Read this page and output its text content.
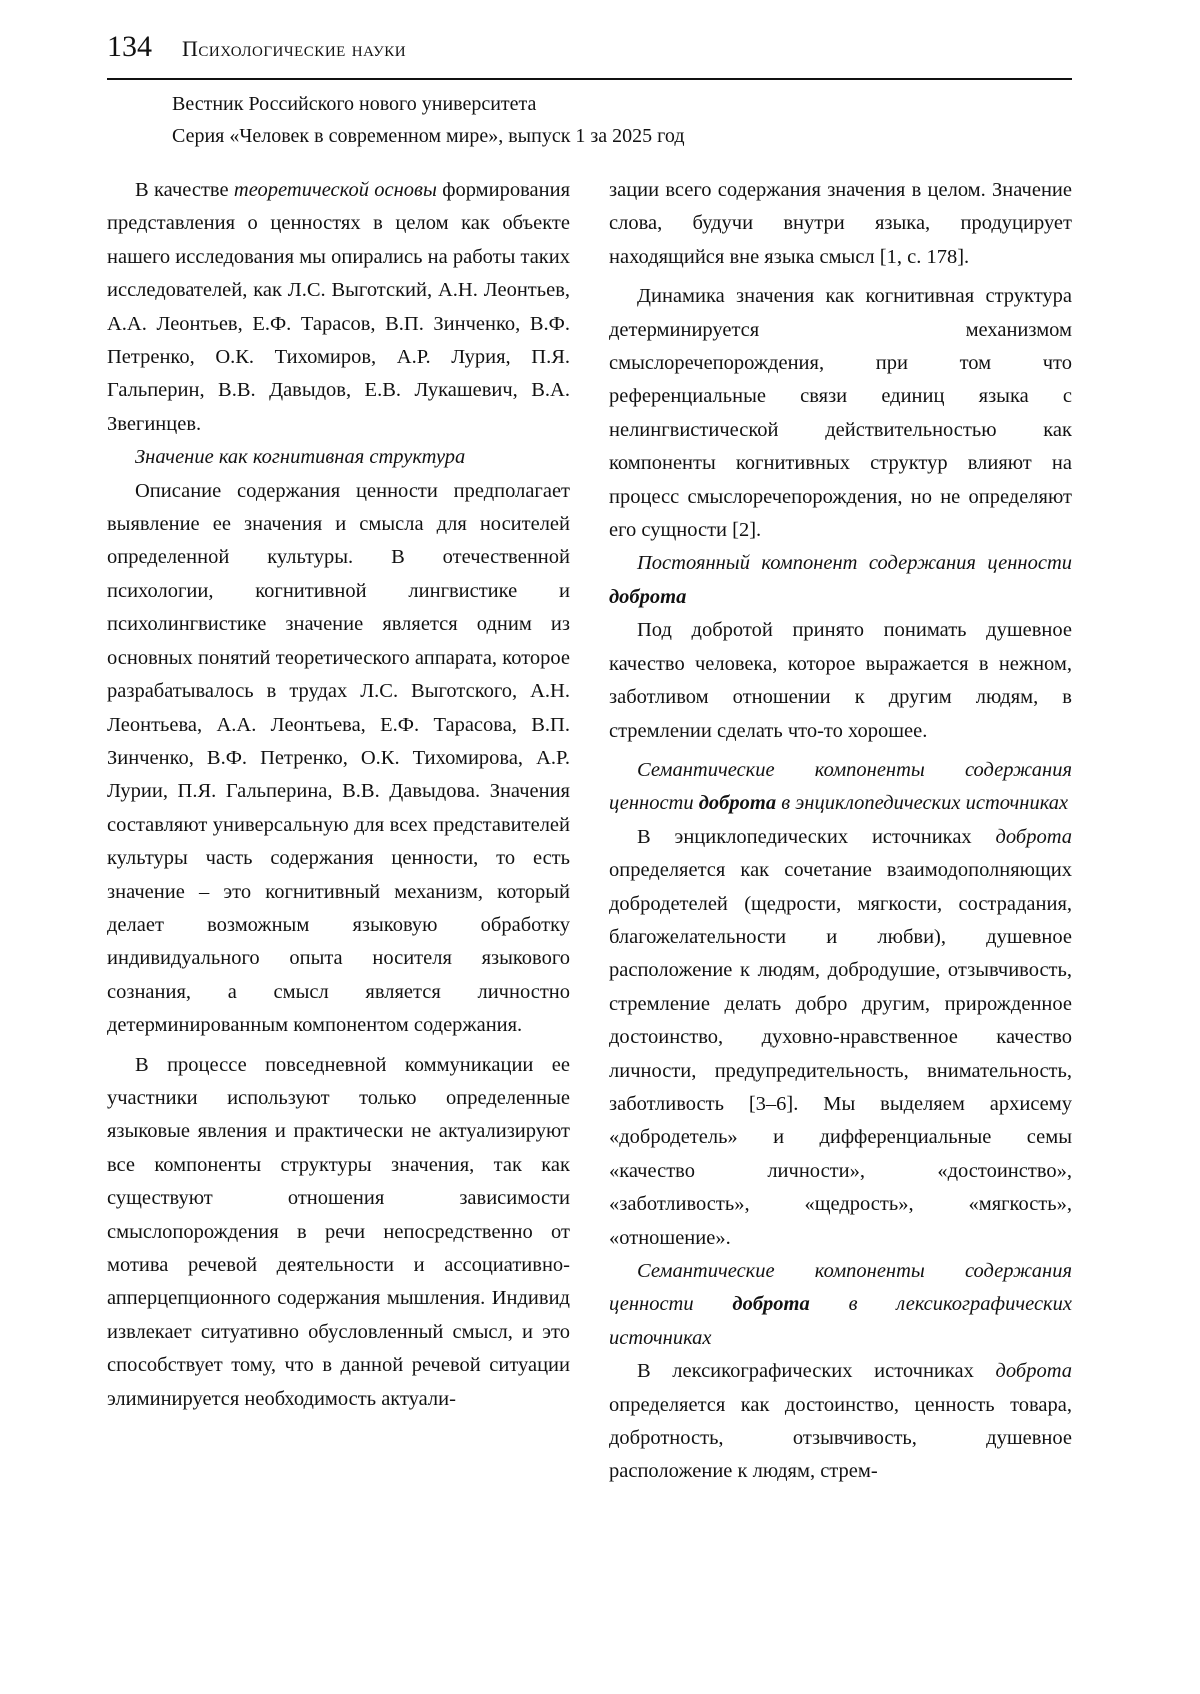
134 Психологические науки
Вестник Российского нового университета
Серия «Человек в современном мире», выпуск 1 за 2025 год

В качестве теоретической основы формирования представления о ценностях в целом как объекте нашего исследования мы опирались на работы таких исследователей, как Л.С. Выготский, А.Н. Леонтьев, А.А. Леонтьев, Е.Ф. Тарасов, В.П. Зинченко, В.Ф. Петренко, О.К. Тихомиров, А.Р. Лурия, П.Я. Гальперин, В.В. Давыдов, Е.В. Лукашевич, В.А. Звегинцев.

Значение как когнитивная структура

Описание содержания ценности предполагает выявление ее значения и смысла для носителей определенной культуры. В отечественной психологии, когнитивной лингвистике и психолингвистике значение является одним из основных понятий теоретического аппарата, которое разрабатывалось в трудах Л.С. Выготского, А.Н. Леонтьева, А.А. Леонтьева, Е.Ф. Тарасова, В.П. Зинченко, В.Ф. Петренко, О.К. Тихомирова, А.Р. Лурии, П.Я. Гальперина, В.В. Давыдова. Значения составляют универсальную для всех представителей культуры часть содержания ценности, то есть значение – это когнитивный механизм, который делает возможным языковую обработку индивидуального опыта носителя языкового сознания, а смысл является личностно детерминированным компонентом содержания.

В процессе повседневной коммуникации ее участники используют только определенные языковые явления и практически не актуализируют все компоненты структуры значения, так как существуют отношения зависимости смыслопорождения в речи непосредственно от мотива речевой деятельности и ассоциативно-апперцепционного содержания мышления. Индивид извлекает ситуативно обусловленный смысл, и это способствует тому, что в данной речевой ситуации элиминируется необходимость актуали-

зации всего содержания значения в целом. Значение слова, будучи внутри языка, продуцирует находящийся вне языка смысл [1, с. 178].

Динамика значения как когнитивная структура детерминируется механизмом смыслоречепорождения, при том что референциальные связи единиц языка с нелингвистической действительностью как компоненты когнитивных структур влияют на процесс смыслоречепорождения, но не определяют его сущности [2].

Постоянный компонент содержания ценности доброта

Под добротой принято понимать душевное качество человека, которое выражается в нежном, заботливом отношении к другим людям, в стремлении сделать что-то хорошее.

Семантические компоненты содержания ценности доброта в энциклопедических источниках

В энциклопедических источниках доброта определяется как сочетание взаимодополняющих добродетелей (щедрости, мягкости, сострадания, благожелательности и любви), душевное расположение к людям, добродушие, отзывчивость, стремление делать добро другим, прирожденное достоинство, духовно-нравственное качество личности, предупредительность, внимательность, заботливость [3–6]. Мы выделяем архисему «добродетель» и дифференциальные семы «качество личности», «достоинство», «заботливость», «щедрость», «мягкость», «отношение».

Семантические компоненты содержания ценности доброта в лексикографических источниках

В лексикографических источниках доброта определяется как достоинство, ценность товара, добротность, отзывчивость, душевное расположение к людям, стрем-
